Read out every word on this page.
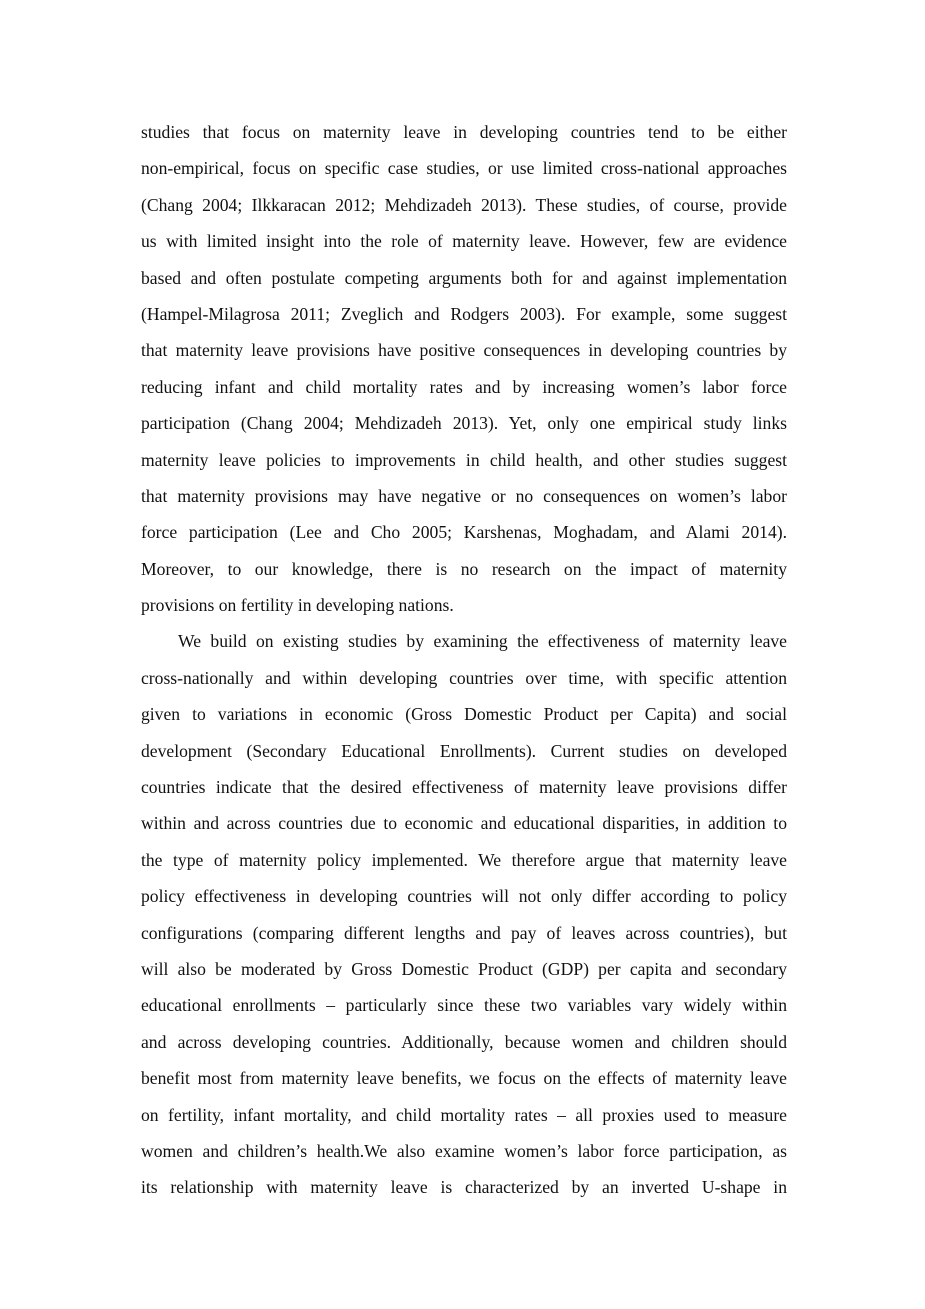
studies that focus on maternity leave in developing countries tend to be either
non-empirical, focus on specific case studies, or use limited cross-national approaches
(Chang 2004; Ilkkaracan 2012; Mehdizadeh 2013). These studies, of course, provide
us with limited insight into the role of maternity leave. However, few are evidence
based and often postulate competing arguments both for and against implementation
(Hampel-Milagrosa 2011; Zveglich and Rodgers 2003). For example, some suggest
that maternity leave provisions have positive consequences in developing countries by
reducing infant and child mortality rates and by increasing women’s labor force
participation (Chang 2004; Mehdizadeh 2013). Yet, only one empirical study links
maternity leave policies to improvements in child health, and other studies suggest
that maternity provisions may have negative or no consequences on women’s labor
force participation (Lee and Cho 2005; Karshenas, Moghadam, and Alami 2014).
Moreover, to our knowledge, there is no research on the impact of maternity
provisions on fertility in developing nations.
We build on existing studies by examining the effectiveness of maternity leave
cross-nationally and within developing countries over time, with specific attention
given to variations in economic (Gross Domestic Product per Capita) and social
development (Secondary Educational Enrollments). Current studies on developed
countries indicate that the desired effectiveness of maternity leave provisions differ
within and across countries due to economic and educational disparities, in addition to
the type of maternity policy implemented. We therefore argue that maternity leave
policy effectiveness in developing countries will not only differ according to policy
configurations (comparing different lengths and pay of leaves across countries), but
will also be moderated by Gross Domestic Product (GDP) per capita and secondary
educational enrollments – particularly since these two variables vary widely within
and across developing countries. Additionally, because women and children should
benefit most from maternity leave benefits, we focus on the effects of maternity leave
on fertility, infant mortality, and child mortality rates – all proxies used to measure
women and children’s health.We also examine women’s labor force participation, as
its relationship with maternity leave is characterized by an inverted U-shape in
